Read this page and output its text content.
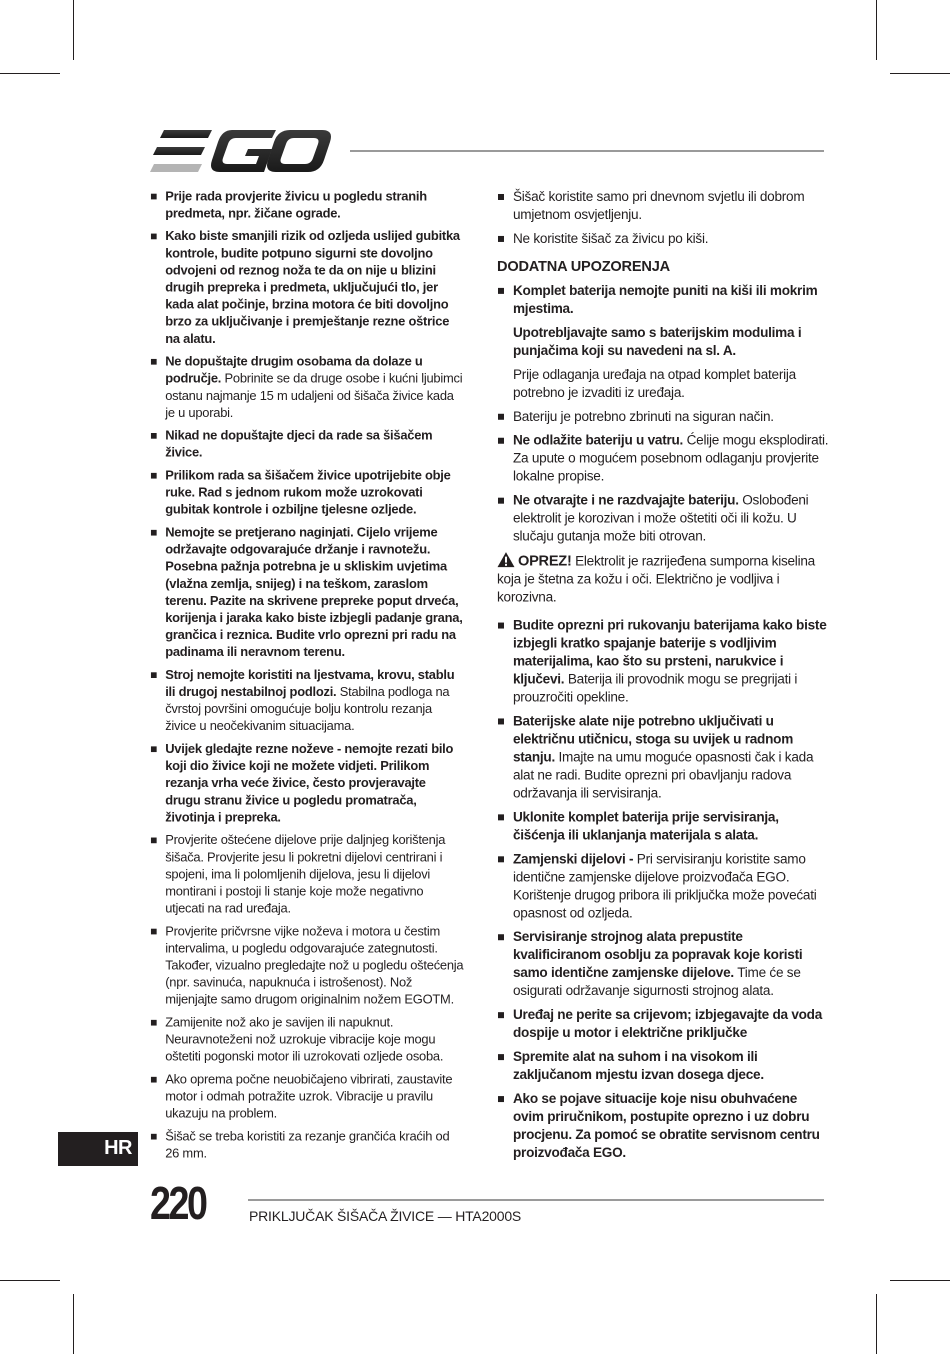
Prije rada provjerite živicu u pogledu stranih predmeta, npr. žičane ograde.
Kako biste smanjili rizik od ozljeda uslijed gubitka kontrole, budite potpuno sigurni ste dovoljno odvojeni od reznog noža te da on nije u blizini drugih prepreka i predmeta, uključujući tlo, jer kada alat počinje, brzina motora će biti dovoljno brzo za uključivanje i premještanje rezne oštrice na alatu.
Ne dopuštajte drugim osobama da dolaze u područje. Pobrinite se da druge osobe i kućni ljubimci ostanu najmanje 15 m udaljeni od šišača živice kada je u uporabi.
Nikad ne dopuštajte djeci da rade sa šišačem živice.
Prilikom rada sa šišačem živice upotrijebite obje ruke. Rad s jednom rukom može uzrokovati gubitak kontrole i ozbiljne tjelesne ozljede.
Nemojte se pretjerano naginjati. Cijelo vrijeme održavajte odgovarajuće držanje i ravnotežu. Posebna pažnja potrebna je u skliskim uvjetima (vlažna zemlja, snijeg) i na teškom, zaraslom terenu. Pazite na skrivene prepreke poput drveća, korijenja i jaraka kako biste izbjegli padanje grana, grančica i reznica. Budite vrlo oprezni pri radu na padinama ili neravnom terenu.
Stroj nemojte koristiti na ljestvama, krovu, stablu ili drugoj nestabilnoj podlozi. Stabilna podloga na čvrstoj površini omogućuje bolju kontrolu rezanja živice u neočekivanim situacijama.
Uvijek gledajte rezne noževe - nemojte rezati bilo koji dio živice koji ne možete vidjeti. Prilikom rezanja vrha veće živice, često provjeravajte drugu stranu živice u pogledu promatrača, životinja i prepreka.
Provjerite oštećene dijelove prije daljnjeg korištenja šišača. Provjerite jesu li pokretni dijelovi centrirani i spojeni, ima li polomljenih dijelova, jesu li dijelovi montirani i postoji li stanje koje može negativno utjecati na rad uređaja.
Provjerite pričvrsne vijke noževa i motora u čestim intervalima, u pogledu odgovarajuće zategnutosti. Također, vizualno pregledajte nož u pogledu oštećenja (npr. savinuća, napuknuća i istrošenost). Nož mijenjajte samo drugom originalnim nožem EGOTM.
Zamijenite nož ako je savijen ili napuknut. Neuravnoteženi nož uzrokuje vibracije koje mogu oštetiti pogonski motor ili uzrokovati ozljede osoba.
Ako oprema počne neuobičajeno vibrirati, zaustavite motor i odmah potražite uzrok. Vibracije u pravilu ukazuju na problem.
Šišač se treba koristiti za rezanje grančića kraćih od 26 mm.
Šišač koristite samo pri dnevnom svjetlu ili dobrom umjetnom osvjetljenju.
Ne koristite šišač za živicu po kiši.
DODATNA UPOZORENJA
Komplet baterija nemojte puniti na kiši ili mokrim mjestima.
Upotrebljavajte samo s baterijskim modulima i punjačima koji su navedeni na sl. A.
Prije odlaganja uređaja na otpad komplet baterija potrebno je izvaditi iz uređaja.
Bateriju je potrebno zbrinuti na siguran način.
Ne odlažite bateriju u vatru. Ćelije mogu eksplodirati. Za upute o mogućem posebnom odlaganju provjerite lokalne propise.
Ne otvarajte i ne razdvajajte bateriju. Oslobođeni elektrolit je korozivan i može oštetiti oči ili kožu. U slučaju gutanja može biti otrovan.
OPREZ! Elektrolit je razrijeđena sumporna kiselina koja je štetna za kožu i oči. Električno je vodljiva i korozivna.
Budite oprezni pri rukovanju baterijama kako biste izbjegli kratko spajanje baterije s vodljivim materijalima, kao što su prsteni, narukvice i ključevi. Baterija ili provodnik mogu se pregrijati i prouzročiti opekline.
Baterijske alate nije potrebno uključivati u električnu utičnicu, stoga su uvijek u radnom stanju. Imajte na umu moguće opasnosti čak i kada alat ne radi. Budite oprezni pri obavljanju radova održavanja ili servisiranja.
Uklonite komplet baterija prije servisiranja, čišćenja ili uklanjanja materijala s alata.
Zamjenski dijelovi - Pri servisiranju koristite samo identične zamjenske dijelove proizvođača EGO. Korištenje drugog pribora ili priključka može povećati opasnost od ozljeda.
Servisiranje strojnog alata prepustite kvalificiranom osoblju za popravak koje koristi samo identične zamjenske dijelove. Time će se osigurati održavanje sigurnosti strojnog alata.
Uređaj ne perite sa crijevom; izbjegavajte da voda dospije u motor i električne priključke
Spremite alat na suhom i na visokom ili zaključanom mjestu izvan dosega djece.
Ako se pojave situacije koje nisu obuhvaćene ovim priručnikom, postupite oprezno i uz dobru procjenu. Za pomoć se obratite servisnom centru proizvođača EGO.
HR
220	PRIKLJUČAK ŠIŠAČA ŽIVICE — HTA2000S
